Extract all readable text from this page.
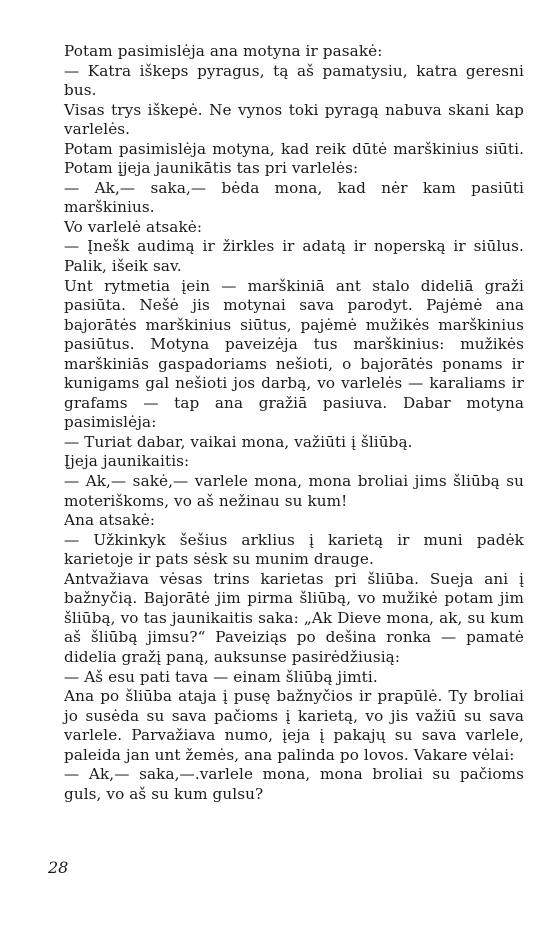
Potam pasimislėja ana motyna ir pasakė:

— Katra iškeps pyragus, tą aš pamatysiu, katra geresni bus.

Visas trys iškepė. Ne vynos toki pyragą nabuva skani kap varlelės.

Potam pasimislėja motyna, kad reik dūtė marškinius siūti. Potam įjeja jaunikātis tas pri varlelės:

— Ak,— saka,— bėda mona, kad nėr kam pasiūti marškinius.

Vo varlelė atsakė:

— Įnešk audimą ir žirkles ir adatą ir noperską ir siūlus. Palik, išeik sav.

Unt rytmetia įein — marškiniā ant stalo dideliā graži pasiūta. Nešė jis motynai sava parodyt. Pajėmė ana bajorātės marškinius siūtus, pajėmė mužikės marškinius pasiūtus. Motyna paveizėja tus marškinius: mužikės marškiniās gaspadoriams nešioti, o bajorātės ponams ir kunigams gal nešioti jos darbą, vo varlelės — karaliams ir grafams — tap ana gražiā pasiuva. Dabar motyna pasimislėja:

— Turiat dabar, vaikai mona, važiūti į šliūbą.

Įjeja jaunikaitis:

— Ak,— sakė,— varlele mona, mona broliai jims šliūbą su moteriškoms, vo aš nežinau su kum!

Ana atsakė:

— Užkinkyk šešius arklius į karietą ir muni padėk karietoje ir pats sėsk su munim drauge.

Antvažiava vėsas trins karietas pri šliūba. Sueja ani į bažnyčią. Bajorātė jim pirma šliūbą, vo mužikė potam jim šliūbą, vo tas jaunikaitis saka: „Ak Dieve mona, ak, su kum aš šliūbą jimsu?“ Paveiziąs po dešina ronka — pamatė didelia gražį paną, auksunse pasirėdžiusią:

— Aš esu pati tava — einam šliūbą jimti.

Ana po šliūba ataja į pusę bažnyčios ir prapūlė. Ty broliai jo susėda su sava pačioms į karietą, vo jis važiū su sava varlele. Parvažiava numo, įeja į pakajų su sava varlele, paleida jan unt žemės, ana palinda po lovos. Vakare vėlai:

— Ak,— saka,—.varlele mona, mona broliai su pačioms guls, vo aš su kum gulsu?

28
